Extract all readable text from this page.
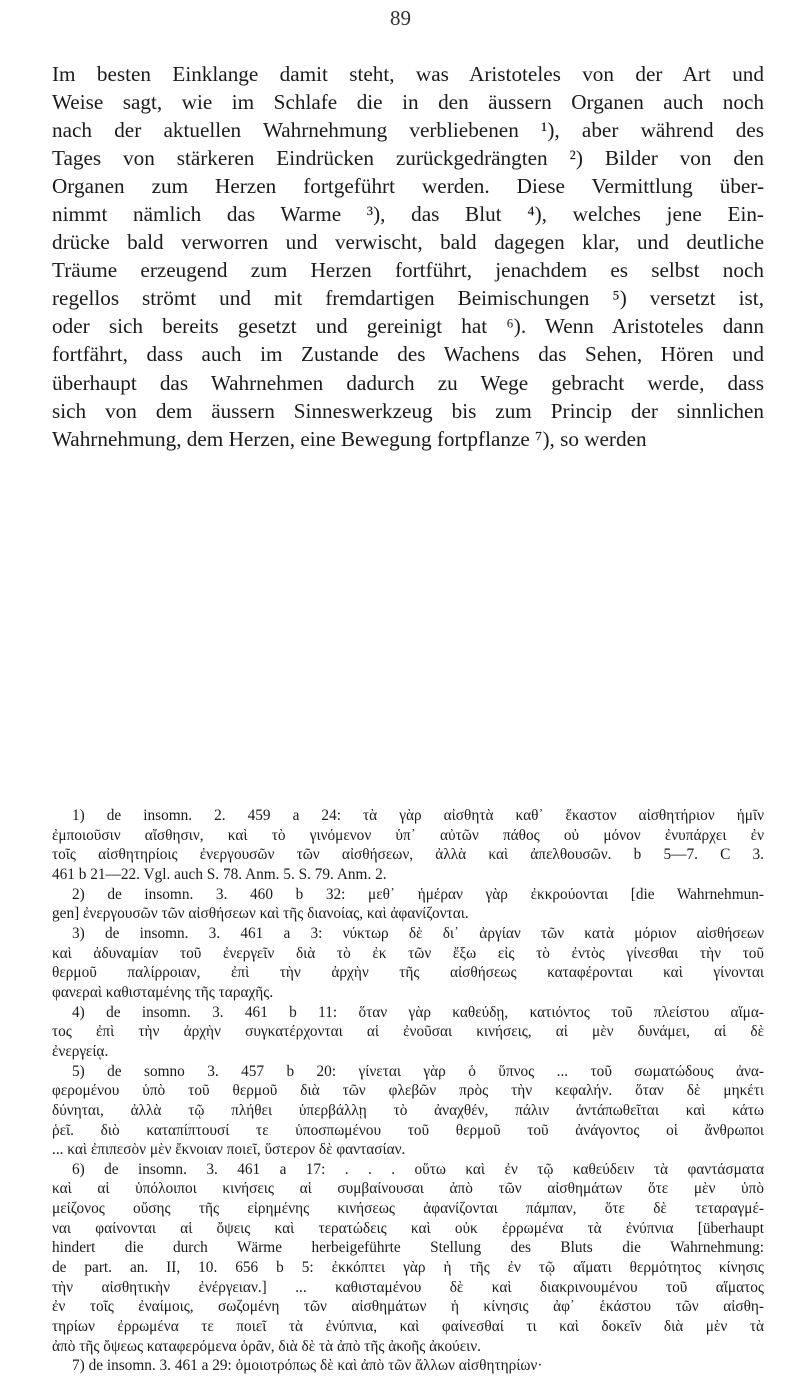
89
Im besten Einklange damit steht, was Aristoteles von der Art und
Weise sagt, wie im Schlafe die in den äussern Organen auch noch
nach der aktuellen Wahrnehmung verbliebenen ¹), aber während des
Tages von stärkeren Eindrücken zurückgedrängten ²) Bilder von den
Organen zum Herzen fortgeführt werden. Diese Vermittlung über-
nimmt nämlich das Warme ³), das Blut ⁴), welches jene Ein-
drücke bald verworren und verwischt, bald dagegen klar, und deutliche
Träume erzeugend zum Herzen fortführt, jenachdem es selbst noch
regellos strömt und mit fremdartigen Beimischungen ⁵) versetzt ist,
oder sich bereits gesetzt und gereinigt hat ⁶). Wenn Aristoteles dann
fortfährt, dass auch im Zustande des Wachens das Sehen, Hören und
überhaupt das Wahrnehmen dadurch zu Wege gebracht werde, dass
sich von dem äussern Sinneswerkzeug bis zum Princip der sinnlichen
Wahrnehmung, dem Herzen, eine Bewegung fortpflanze ⁷), so werden
1) de insomn. 2. 459 a 24: τὰ γὰρ αἰσθητὰ καθ᾽ ἕκαστον αἰσθητήριον ἡμῖν
ἐμποιοῦσιν αἴσθησιν, καὶ τὸ γινόμενον ὑπ᾽ αὐτῶν πάθος οὐ μόνον ἐνυπάρχει ἐν
τοῖς αἰσθητηρίοις ἐνεργουσῶν τῶν αἰσθήσεων, ἀλλὰ καὶ ἀπελθουσῶν. b 5—7. C 3.
461 b 21—22. Vgl. auch S. 78. Anm. 5. S. 79. Anm. 2.
2) de insomn. 3. 460 b 32: μεθ᾽ ἡμέραν γὰρ ἐκκρούονται [die Wahrnehmun-
gen] ἐνεργουσῶν τῶν αἰσθήσεων καὶ τῆς διανοίας, καὶ ἀφανίζονται.
3) de insomn. 3. 461 a 3: νύκτωρ δὲ δι᾽ ἀργίαν τῶν κατὰ μόριον αἰσθήσεων
καὶ ἀδυναμίαν τοῦ ἐνεργεῖν διὰ τὸ ἐκ τῶν ἔξω εἰς τὸ ἐντὸς γίνεσθαι τὴν τοῦ
θερμοῦ παλίρροιαν, ἐπὶ τὴν ἀρχὴν τῆς αἰσθήσεως καταφέρονται καὶ γίνονται
φανεραὶ καθισταμένης τῆς ταραχῆς.
4) de insomn. 3. 461 b 11: ὅταν γὰρ καθεύδῃ, κατιόντος τοῦ πλείστου αἵμα-
τος ἐπὶ τὴν ἀρχὴν συγκατέρχονται αἱ ἐνοῦσαι κινήσεις, αἱ μὲν δυνάμει, αἱ δὲ
ἐνεργείᾳ.
5) de somno 3. 457 b 20: γίνεται γὰρ ὁ ὕπνος ... τοῦ σωματώδους ἀνα-
φερομένου ὑπὸ τοῦ θερμοῦ διὰ τῶν φλεβῶν πρὸς τὴν κεφαλήν. ὅταν δὲ μηκέτι
δύνηται, ἀλλὰ τῷ πλήθει ὑπερβάλλῃ τὸ ἀναχθέν, πάλιν ἀντάπωθεῖται καὶ κάτω
ῥεῖ. διὸ καταπίπτουσί τε ὑποσπωμένου τοῦ θερμοῦ τοῦ ἀνάγοντος οἱ ἄνθρωποι
... καὶ ἐπιπεσὸν μὲν ἔκνοιαν ποιεῖ, ὕστερον δὲ φαντασίαν.
6) de insomn. 3. 461 a 17: . . . οὕτω καὶ ἐν τῷ καθεύδειν τὰ φαντάσματα
καὶ αἱ ὑπόλοιποι κινήσεις αἱ συμβαίνουσαι ἀπὸ τῶν αἰσθημάτων ὅτε μὲν ὑπὸ
μείζονος οὔσης τῆς εἰρημένης κινήσεως ἀφανίζονται πάμπαν, ὅτε δὲ τεταραγμέ-
ναι φαίνονται αἱ ὄψεις καὶ τερατώδεις καὶ οὐκ ἐρρωμένα τὰ ἐνύπνια [überhaupt
hindert die durch Wärme herbeigeführte Stellung des Bluts die Wahrnehmung:
de part. an. II, 10. 656 b 5: ἐκκόπτει γὰρ ἡ τῆς ἐν τῷ αἵματι θερμότητος κίνησις
τὴν αἰσθητικὴν ἐνέργειαν.] ... καθισταμένου δὲ καὶ διακρινουμένου τοῦ αἵματος
ἐν τοῖς ἐναίμοις, σωζομένη τῶν αἰσθημάτων ἡ κίνησις ἀφ᾽ ἑκάστου τῶν αἰσθη-
τηρίων ἐρρωμένα τε ποιεῖ τὰ ἐνύπνια, καὶ φαίνεσθαί τι καὶ δοκεῖν διὰ μὲν τὰ
ἀπὸ τῆς ὄψεως καταφερόμενα ὁρᾶν, διὰ δὲ τὰ ἀπὸ τῆς ἀκοῆς ἀκούειν.
7) de insomn. 3. 461 a 29: ὁμοιοτρόπως δὲ καὶ ἀπὸ τῶν ἄλλων αἰσθητηρίων·
